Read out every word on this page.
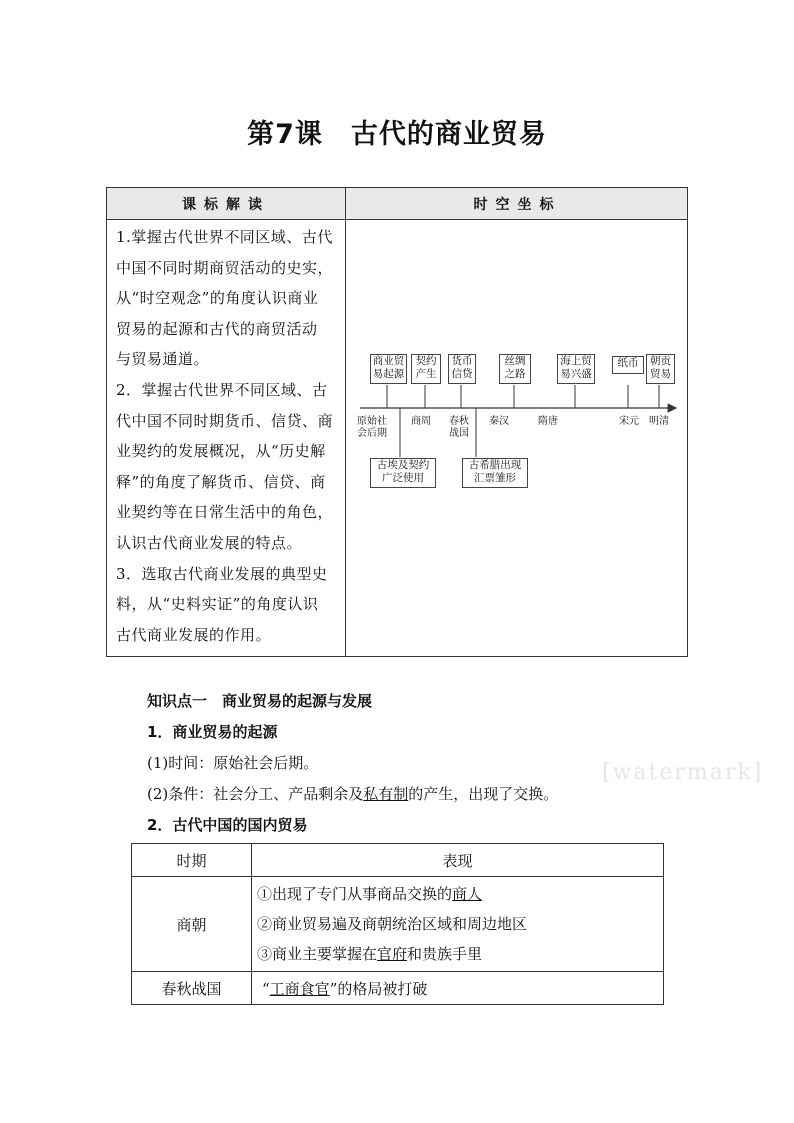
第7课 古代的商业贸易
课标解读	时空坐标
1.掌握古代世界不同区域、古代
中国不同时期商贸活动的史实，
从“时空观念”的角度认识商业
贸易的起源和古代的商贸活动
与贸易通道。
2．掌握古代世界不同区域、古
代中国不同时期货币、信贷、商
业契约的发展概况，从“历史解
释”的角度了解货币、信贷、商
业契约等在日常生活中的角色，
认识古代商业发展的特点。
3．选取古代商业发展的典型史
料，从“史料实证”的角度认识
古代商业发展的作用。
商业贸
易起源
契约
产生
货币
信贷
丝绸
之路
海上贸
易兴盛
纸币	朝贡
贸易
原始社
会后期
商周	春秋
战国
秦汉	隋唐	宋元	明清
古埃及契约
广泛使用
古希腊出现
汇票雏形
知识点一　商业贸易的起源与发展
1．商业贸易的起源
(1)时间：原始社会后期。
(2)条件：社会分工、产品剩余及私有制的产生，出现了交换。
2．古代中国的国内贸易
[watermark]
时期	表现
商朝	①出现了专门从事商品交换的商人
②商业贸易遍及商朝统治区域和周边地区
③商业主要掌握在官府和贵族手里

春秋战国	“工商食官”的格局被打破
